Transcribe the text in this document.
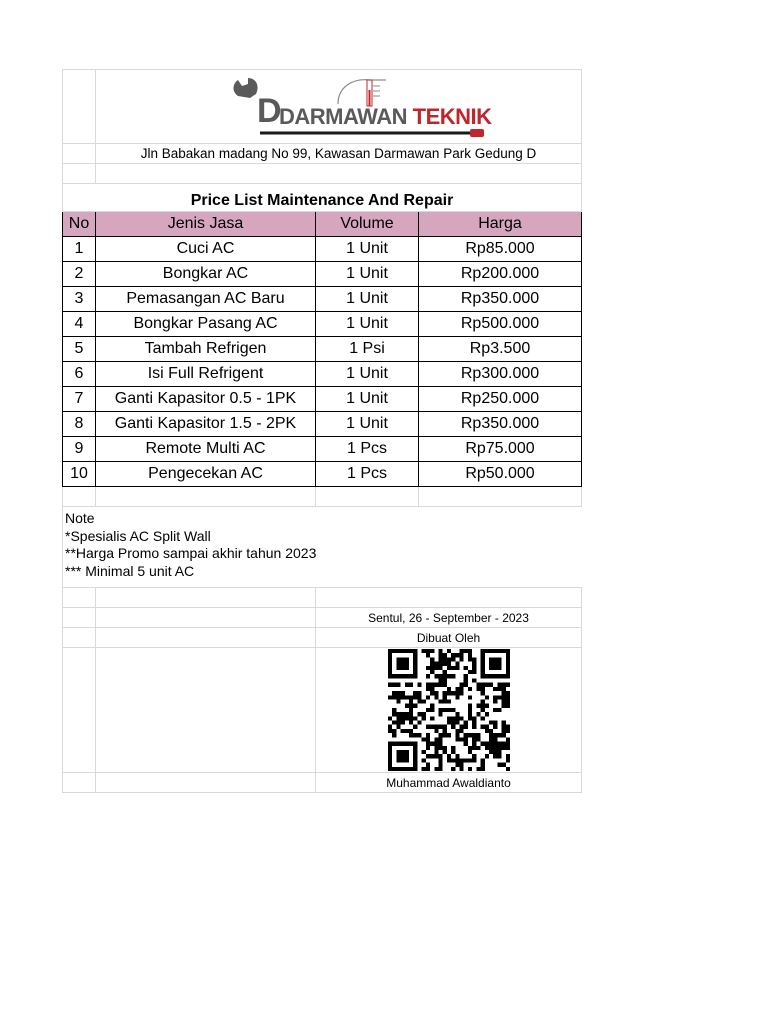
	D
DARMAWAN TEKNIK		

	Jln Babakan madang No 99, Kawasan Darmawan Park Gedung D		

Price List Maintenance And Repair			
No	Jenis Jasa	Volume	Harga
1	Cuci AC	1 Unit	Rp85.000
2	Bongkar AC	1 Unit	Rp200.000
3	Pemasangan AC Baru	1 Unit	Rp350.000
4	Bongkar Pasang AC	1 Unit	Rp500.000
5	Tambah Refrigen	1 Psi	Rp3.500
6	Isi Full Refrigent	1 Unit	Rp300.000
7	Ganti Kapasitor 0.5 - 1PK	1 Unit	Rp250.000
8	Ganti Kapasitor 1.5 - 2PK	1 Unit	Rp350.000
9	Remote Multi AC	1 Pcs	Rp75.000
10	Pengecekan AC	1 Pcs	Rp50.000

Note
*Spesialis AC Split Wall
**Harga Promo sampai akhir tahun 2023
*** Minimal 5 unit AC			

		Sentul, 26 - September - 2023	
		Dibuat Oleh	

		Muhammad Awaldianto	
